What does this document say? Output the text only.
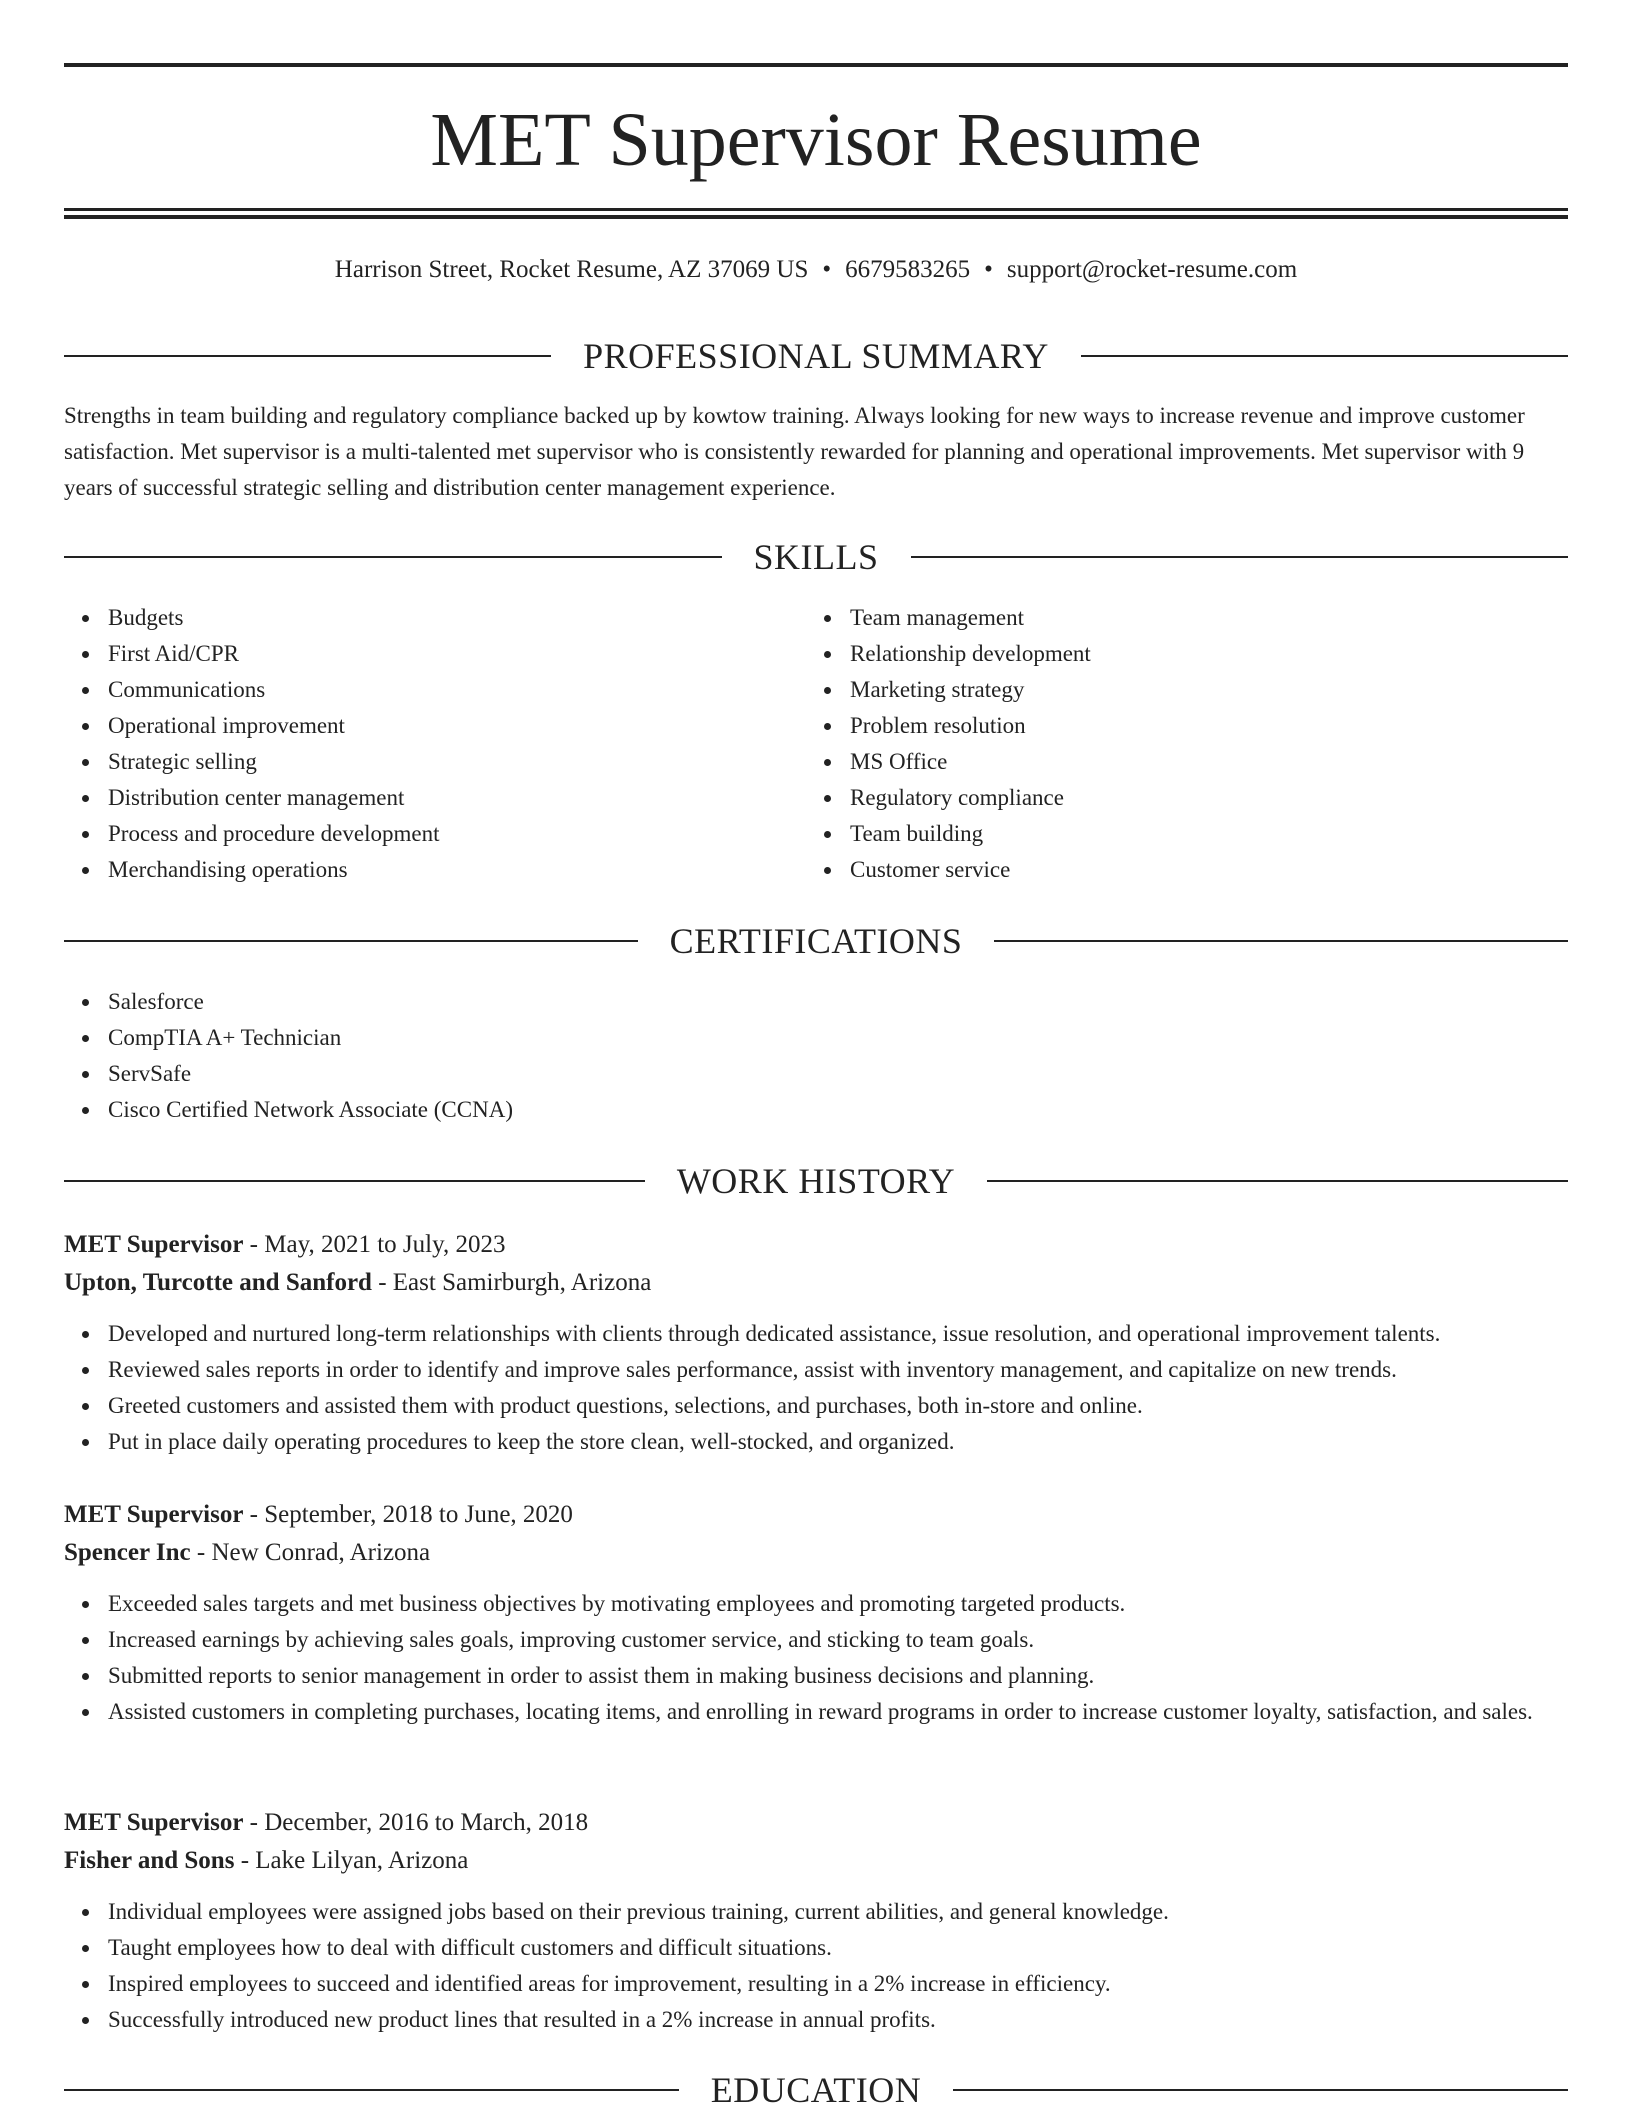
MET Supervisor Resume
Harrison Street, Rocket Resume, AZ 37069 US • 6679583265 • support@rocket-resume.com
PROFESSIONAL SUMMARY

Strengths in team building and regulatory compliance backed up by kowtow training. Always looking for new ways to increase revenue and improve customer satisfaction. Met supervisor is a multi-talented met supervisor who is consistently rewarded for planning and operational improvements. Met supervisor with 9 years of successful strategic selling and distribution center management experience.

SKILLS
Budgets
First Aid/CPR
Communications
Operational improvement
Strategic selling
Distribution center management
Process and procedure development
Merchandising operations
Team management
Relationship development
Marketing strategy
Problem resolution
MS Office
Regulatory compliance
Team building
Customer service
CERTIFICATIONS
Salesforce
CompTIA A+ Technician
ServSafe
Cisco Certified Network Associate (CCNA)
WORK HISTORY
MET Supervisor - May, 2021 to July, 2023
Upton, Turcotte and Sanford - East Samirburgh, Arizona
Developed and nurtured long-term relationships with clients through dedicated assistance, issue resolution, and operational improvement talents.
Reviewed sales reports in order to identify and improve sales performance, assist with inventory management, and capitalize on new trends.
Greeted customers and assisted them with product questions, selections, and purchases, both in-store and online.
Put in place daily operating procedures to keep the store clean, well-stocked, and organized.
MET Supervisor - September, 2018 to June, 2020
Spencer Inc - New Conrad, Arizona
Exceeded sales targets and met business objectives by motivating employees and promoting targeted products.
Increased earnings by achieving sales goals, improving customer service, and sticking to team goals.
Submitted reports to senior management in order to assist them in making business decisions and planning.
Assisted customers in completing purchases, locating items, and enrolling in reward programs in order to increase customer loyalty, satisfaction, and sales.
MET Supervisor - December, 2016 to March, 2018
Fisher and Sons - Lake Lilyan, Arizona
Individual employees were assigned jobs based on their previous training, current abilities, and general knowledge.
Taught employees how to deal with difficult customers and difficult situations.
Inspired employees to succeed and identified areas for improvement, resulting in a 2% increase in efficiency.
Successfully introduced new product lines that resulted in a 2% increase in annual profits.
EDUCATION
